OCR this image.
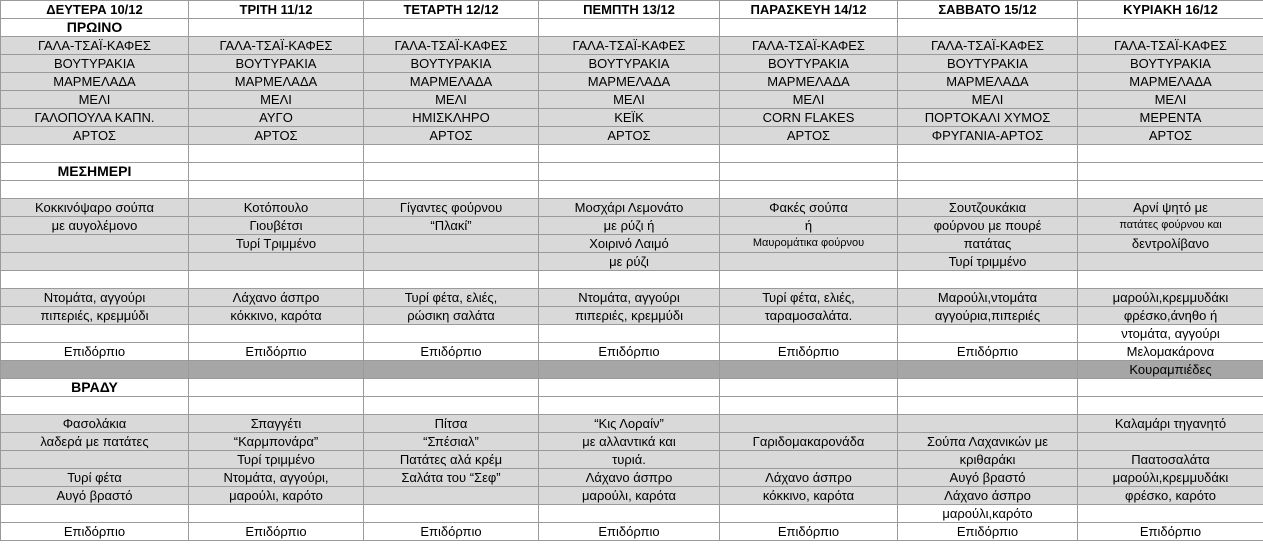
ΔΕΥΤΕΡΑ 10/12	ΤΡΙΤΗ 11/12	ΤΕΤΑΡΤΗ 12/12	ΠΕΜΠΤΗ 13/12	ΠΑΡΑΣΚΕΥΗ 14/12	ΣΑΒΒΑΤΟ 15/12	ΚΥΡΙΑΚΗ 16/12
ΠΡΩΙΝΟ						
ΓΑΛΑ-ΤΣΑΪ-ΚΑΦΕΣ	ΓΑΛΑ-ΤΣΑΪ-ΚΑΦΕΣ	ΓΑΛΑ-ΤΣΑΪ-ΚΑΦΕΣ	ΓΑΛΑ-ΤΣΑΪ-ΚΑΦΕΣ	ΓΑΛΑ-ΤΣΑΪ-ΚΑΦΕΣ	ΓΑΛΑ-ΤΣΑΪ-ΚΑΦΕΣ	ΓΑΛΑ-ΤΣΑΪ-ΚΑΦΕΣ
ΒΟΥΤΥΡΑΚΙΑ	ΒΟΥΤΥΡΑΚΙΑ	ΒΟΥΤΥΡΑΚΙΑ	ΒΟΥΤΥΡΑΚΙΑ	ΒΟΥΤΥΡΑΚΙΑ	ΒΟΥΤΥΡΑΚΙΑ	ΒΟΥΤΥΡΑΚΙΑ
ΜΑΡΜΕΛΑΔΑ	ΜΑΡΜΕΛΑΔΑ	ΜΑΡΜΕΛΑΔΑ	ΜΑΡΜΕΛΑΔΑ	ΜΑΡΜΕΛΑΔΑ	ΜΑΡΜΕΛΑΔΑ	ΜΑΡΜΕΛΑΔΑ
ΜΕΛΙ	ΜΕΛΙ	ΜΕΛΙ	ΜΕΛΙ	ΜΕΛΙ	ΜΕΛΙ	ΜΕΛΙ
ΓΑΛΟΠΟΥΛΑ ΚΑΠΝ.	ΑΥΓΟ	ΗΜΙΣΚΛΗΡΟ	ΚΕΪΚ	CORN FLAKES	ΠΟΡΤΟΚΑΛΙ ΧΥΜΟΣ	ΜΕΡΕΝΤΑ
ΑΡΤΟΣ	ΑΡΤΟΣ	ΑΡΤΟΣ	ΑΡΤΟΣ	ΑΡΤΟΣ	ΦΡΥΓΑΝΙΑ-ΑΡΤΟΣ	ΑΡΤΟΣ

ΜΕΣΗΜΕΡΙ						

Κοκκινόψαρο σούπα	Κοτόπουλο	Γίγαντες φούρνου	Μοσχάρι Λεμονάτο	Φακές σούπα	Σουτζουκάκια	Αρνί ψητό με
με αυγολέμονο	Γιουβέτσι	“Πλακί”	με ρύζι ή	ή	φούρνου με πουρέ	πατάτες φούρνου και
	Τυρί Τριμμένο		Χοιρινό Λαιμό	Μαυρομάτικα φούρνου	πατάτας	δεντρολίβανο
			με ρύζι		Τυρί τριμμένο	

Ντομάτα, αγγούρι	Λάχανο άσπρο	Τυρί φέτα, ελιές,	Ντομάτα, αγγούρι	Τυρί φέτα, ελιές,	Μαρούλι,ντομάτα	μαρούλι,κρεμμυδάκι
πιπεριές, κρεμμύδι	κόκκινο, καρότα	ρώσικη σαλάτα	πιπεριές, κρεμμύδι	ταραμοσαλάτα.	αγγούρια,πιπεριές	φρέσκο,άνηθο ή
						ντομάτα, αγγούρι
Επιδόρπιο	Επιδόρπιο	Επιδόρπιο	Επιδόρπιο	Επιδόρπιο	Επιδόρπιο	Μελομακάρονα
						Κουραμπιέδες
ΒΡΑΔΥ						

Φασολάκια	Σπαγγέτι	Πίτσα	“Κις Λοραίν”			Καλαμάρι τηγανητό
λαδερά με πατάτες	“Καρμπονάρα”	“Σπέσιαλ”	με αλλαντικά και	Γαριδομακαρονάδα	Σούπα Λαχανικών με	
	Τυρί τριμμένο	Πατάτες αλά κρέμ	τυριά.		κριθαράκι	Παατοσαλάτα
Τυρί φέτα	Ντομάτα, αγγούρι,	Σαλάτα του “Σεφ”	Λάχανο άσπρο	Λάχανο άσπρο	Αυγό βραστό	μαρούλι,κρεμμυδάκι
Αυγό βραστό	μαρούλι, καρότο		μαρούλι, καρότα	κόκκινο, καρότα	Λάχανο άσπρο	φρέσκο, καρότο
					μαρούλι,καρότο	
Επιδόρπιο	Επιδόρπιο	Επιδόρπιο	Επιδόρπιο	Επιδόρπιο	Επιδόρπιο	Επιδόρπιο
